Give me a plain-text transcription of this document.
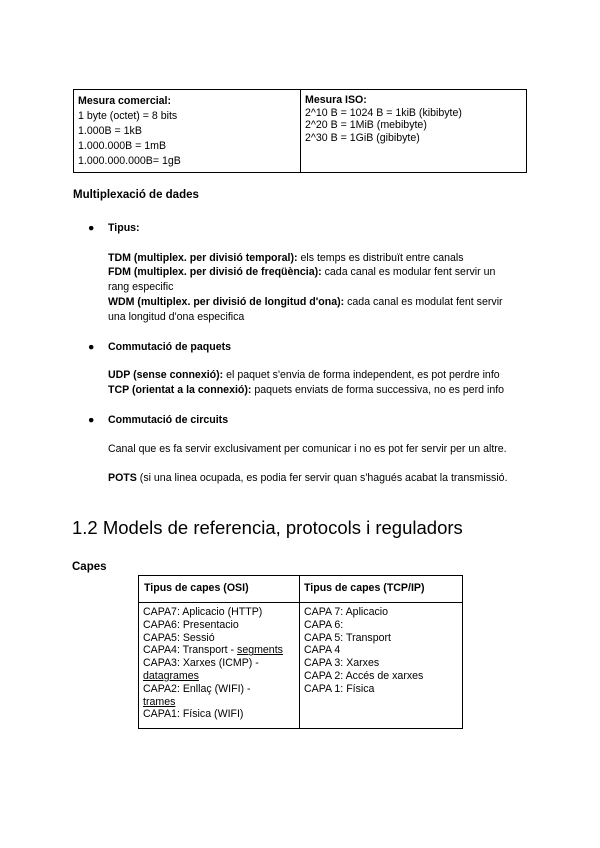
Mesura comercial:
1 byte (octet) = 8 bits
1.000B = 1kB
1.000.000B = 1mB
1.000.000.000B= 1gB
Mesura ISO:
2^10 B = 1024 B = 1kiB (kibibyte)
2^20 B = 1MiB (mebibyte)
2^30 B = 1GiB (gibibyte)
Multiplexació de dades
● Tipus:
TDM (multiplex. per divisió temporal): els temps es distribuït entre canals
FDM (multiplex. per divisió de freqüència): cada canal es modular fent servir un
rang especific
WDM (multiplex. per divisió de longitud d'ona): cada canal es modulat fent servir
una longitud d'ona especifica
● Commutació de paquets
UDP (sense connexió): el paquet s'envia de forma independent, es pot perdre info
TCP (orientat a la connexió): paquets enviats de forma successiva, no es perd info
● Commutació de circuits
Canal que es fa servir exclusivament per comunicar i no es pot fer servir per un altre.
POTS (si una linea ocupada, es podia fer servir quan s'hagués acabat la transmissió.
1.2 Models de referencia, protocols i reguladors
Capes
Tipus de capes (OSI)	Tipus de capes (TCP/IP)
CAPA7: Aplicacio (HTTP)
CAPA6: Presentacio
CAPA5: Sessió
CAPA4: Transport - segments
CAPA3: Xarxes (ICMP) -
datagrames
CAPA2: Enllaç (WIFI) -
trames
CAPA1: Física (WIFI)
CAPA 7: Aplicacio
CAPA 6:
CAPA 5: Transport
CAPA 4
CAPA 3: Xarxes
CAPA 2: Accés de xarxes
CAPA 1: Física
